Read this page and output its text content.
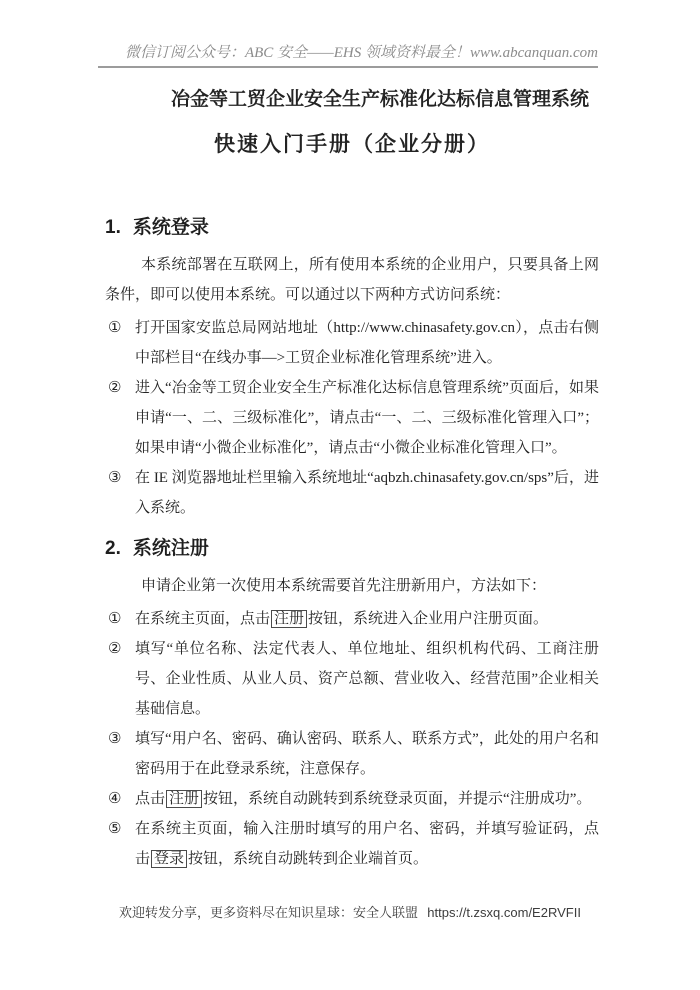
微信订阅公众号：ABC 安全——EHS 领域资料最全！www.abcanquan.com
冶金等工贸企业安全生产标准化达标信息管理系统
快速入门手册（企业分册）
1. 系统登录

本系统部署在互联网上，所有使用本系统的企业用户，只要具备上网条件，即可以使用本系统。可以通过以下两种方式访问系统：

① 打开国家安监总局网站地址（http://www.chinasafety.gov.cn），点击右侧中部栏目“在线办事—>工贸企业标准化管理系统”进入。
② 进入“冶金等工贸企业安全生产标准化达标信息管理系统”页面后，如果申请“一、二、三级标准化”，请点击“一、二、三级标准化管理入口”；如果申请“小微企业标准化”，请点击“小微企业标准化管理入口”。
③ 在 IE 浏览器地址栏里输入系统地址“aqbzh.chinasafety.gov.cn/sps”后，进入系统。
2. 系统注册

申请企业第一次使用本系统需要首先注册新用户，方法如下：

① 在系统主页面，点击 注册 按钮，系统进入企业用户注册页面。
② 填写“单位名称、法定代表人、单位地址、组织机构代码、工商注册号、企业性质、从业人员、资产总额、营业收入、经营范围”企业相关基础信息。
③ 填写“用户名、密码、确认密码、联系人、联系方式”，此处的用户名和密码用于在此登录系统，注意保存。
④ 点击 注册 按钮，系统自动跳转到系统登录页面，并提示“注册成功”。
⑤ 在系统主页面，输入注册时填写的用户名、密码，并填写验证码，点击 登录 按钮，系统自动跳转到企业端首页。
欢迎转发分享，更多资料尽在知识星球：安全人联盟 https://t.zsxq.com/E2RVFII
